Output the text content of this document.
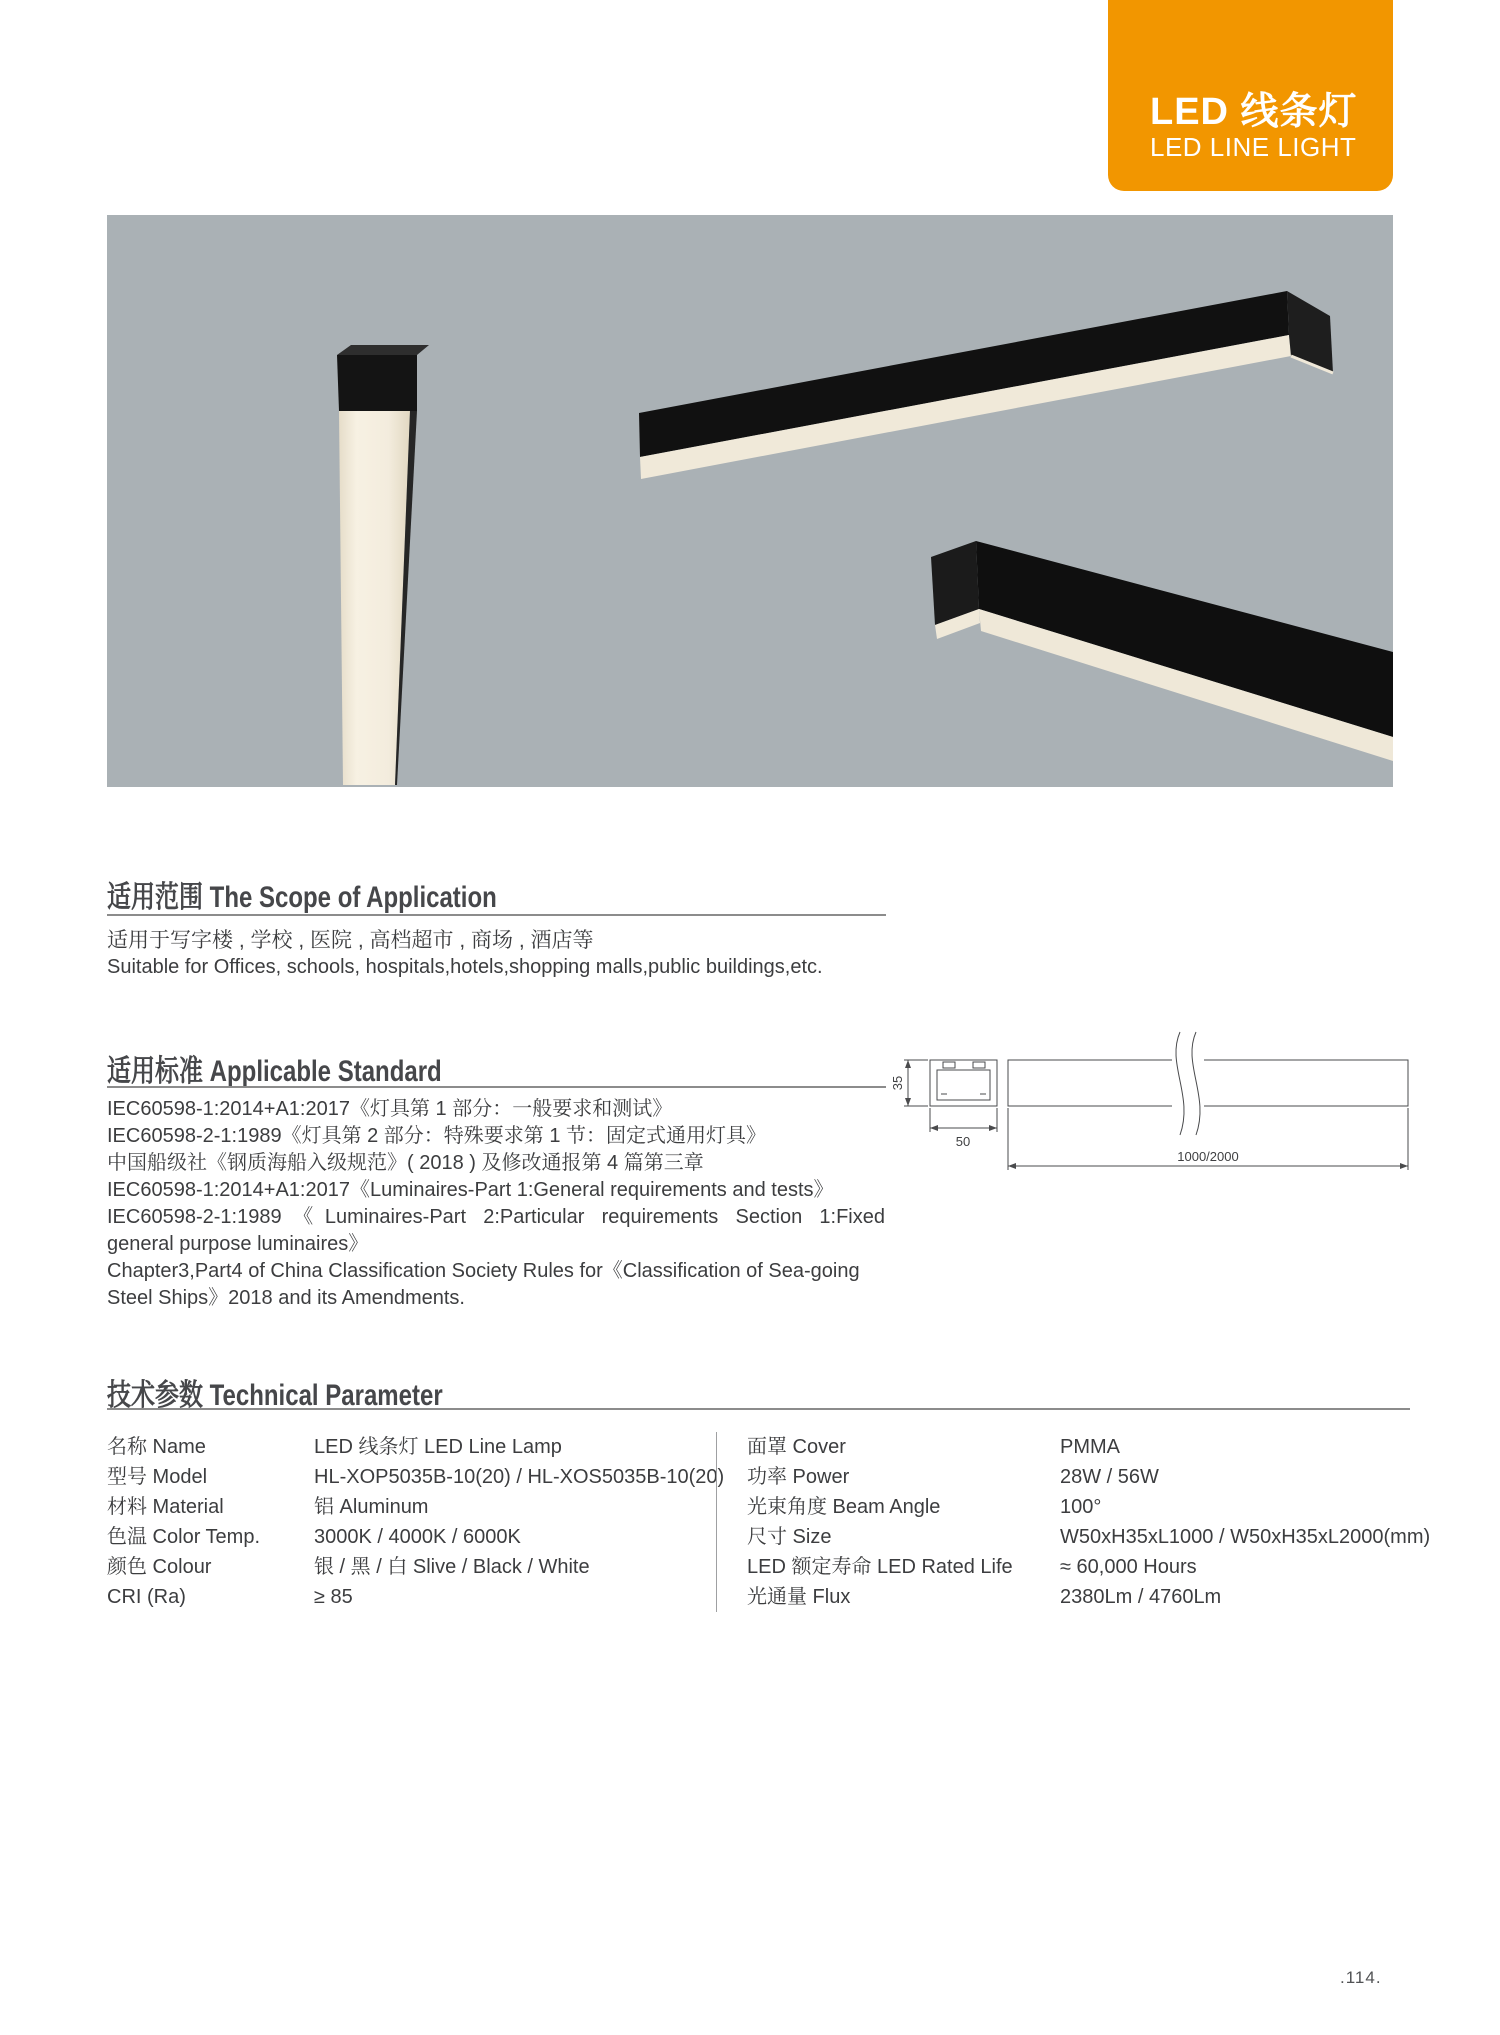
LED 线条灯
LED LINE LIGHT
适用范围 The Scope of Application
适用于写字楼 , 学校 , 医院 , 高档超市 , 商场 , 酒店等
Suitable for Offices, schools, hospitals,hotels,shopping malls,public buildings,etc.
适用标准 Applicable Standard
IEC60598-1:2014+A1:2017《灯具第 1 部分：一般要求和测试》
IEC60598-2-1:1989《灯具第 2 部分：特殊要求第 1 节：固定式通用灯具》
中国船级社《钢质海船入级规范》( 2018 ) 及修改通报第 4 篇第三章
IEC60598-1:2014+A1:2017《Luminaires-Part 1:General requirements and tests》
IEC60598-2-1:1989《Luminaires-Part 2:Particular requirements Section 1:Fixed
general purpose luminaires》
Chapter3,Part4 of China Classification Society Rules for《Classification of Sea-going
Steel Ships》2018 and its Amendments.
35
50
1000/2000
技术参数 Technical Parameter
名称 Name	LED 线条灯 LED Line Lamp
型号 Model	HL-XOP5035B-10(20) / HL-XOS5035B-10(20)
材料 Material	铝 Aluminum
色温 Color Temp.	3000K / 4000K / 6000K
颜色 Colour	银 / 黑 / 白 Slive / Black / White
CRI (Ra)	≥ 85
面罩 Cover	PMMA
功率 Power	28W / 56W
光束角度 Beam Angle	100°
尺寸 Size	W50xH35xL1000 / W50xH35xL2000(mm)
LED 额定寿命 LED Rated Life	≈ 60,000 Hours
光通量 Flux	2380Lm / 4760Lm
.114.
